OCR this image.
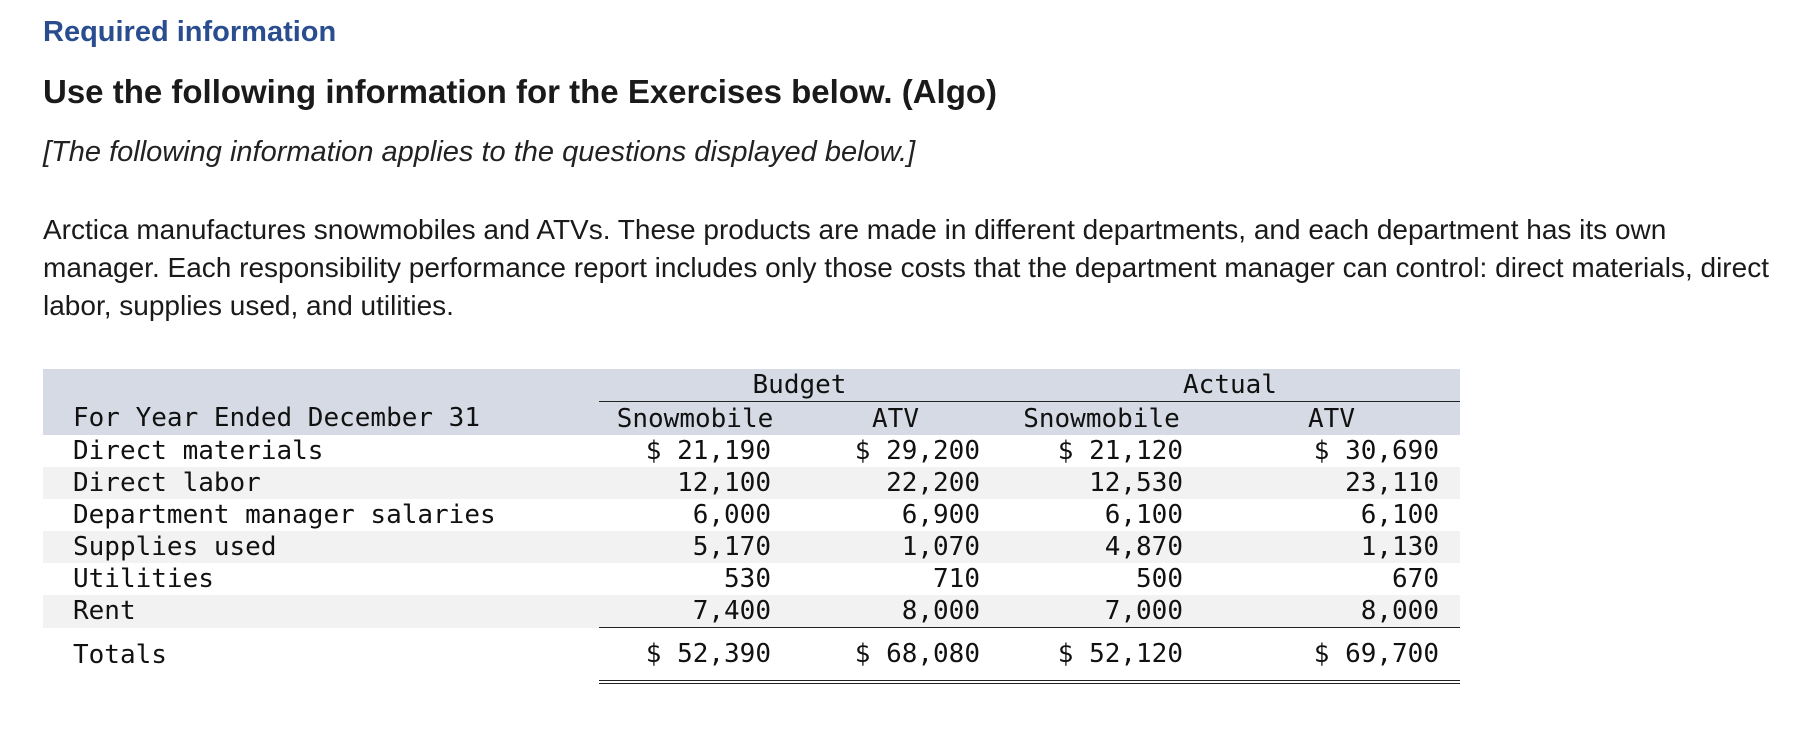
Required information
Use the following information for the Exercises below. (Algo)
[The following information applies to the questions displayed below.]

Arctica manufactures snowmobiles and ATVs. These products are made in different departments, and each department has its own manager. Each responsibility performance report includes only those costs that the department manager can control: direct materials, direct labor, supplies used, and utilities.

	Budget		Actual	
For Year Ended December 31	Snowmobile	ATV	Snowmobile	ATV
Direct materials	$ 21,190	$ 29,200	$ 21,120	$ 30,690
Direct labor	12,100	22,200	12,530	23,110
Department manager salaries	6,000	6,900	6,100	6,100
Supplies used	5,170	1,070	4,870	1,130
Utilities	530	710	500	670
Rent	7,400	8,000	7,000	8,000
Totals	$ 52,390	$ 68,080	$ 52,120	$ 69,700
